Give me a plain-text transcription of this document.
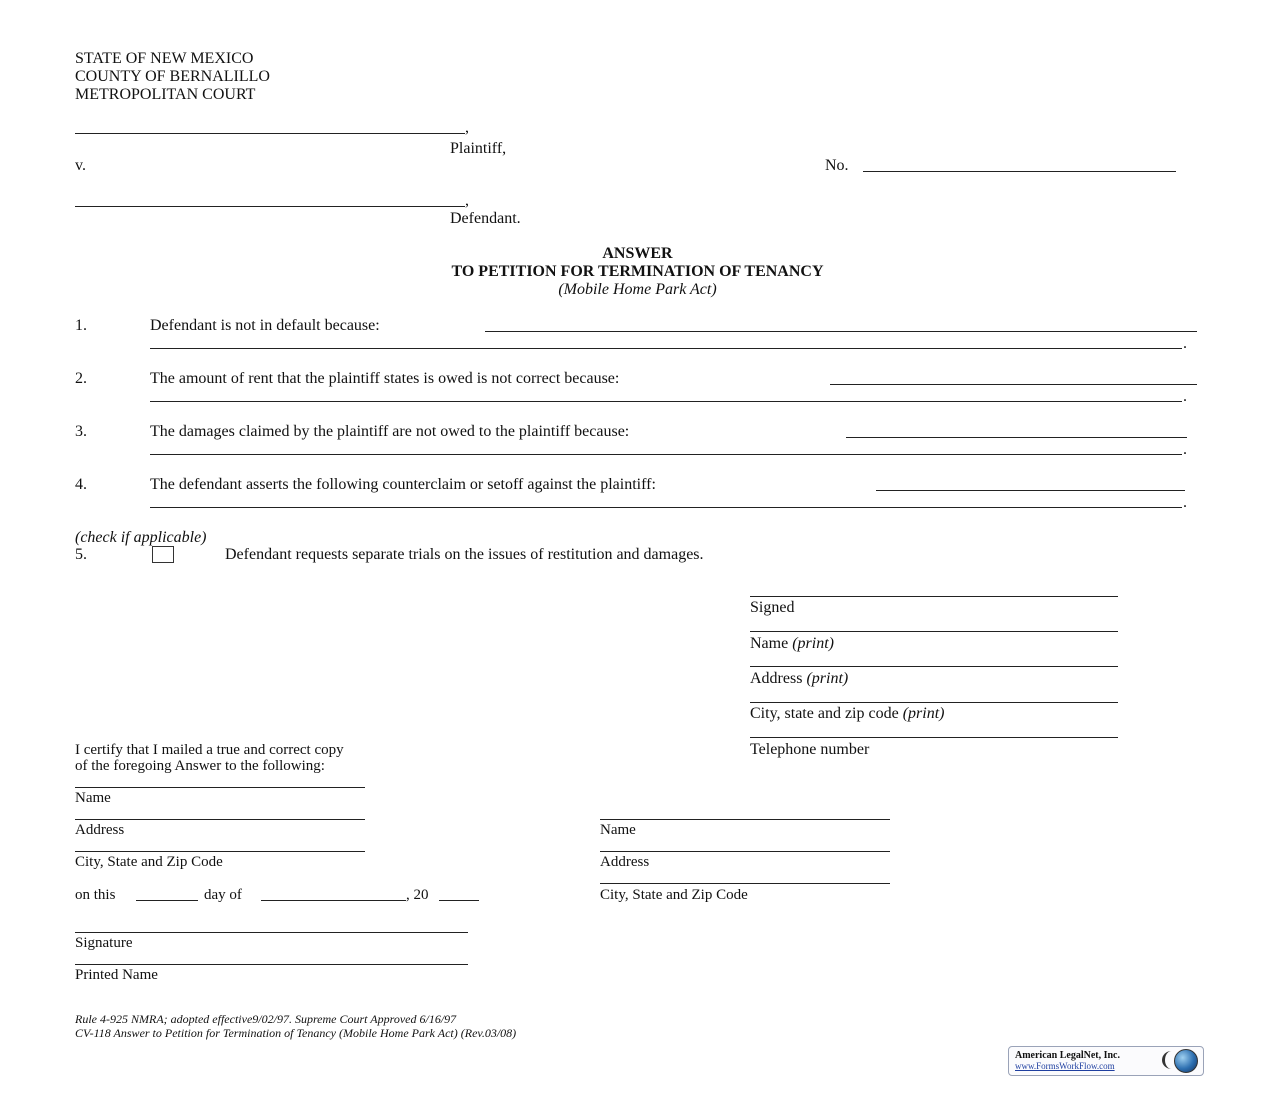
STATE OF NEW MEXICO
COUNTY OF BERNALILLO
METROPOLITAN COURT
,
Plaintiff,
v.	No.
,
Defendant.
ANSWER
TO PETITION FOR TERMINATION OF TENANCY
(Mobile Home Park Act)
1.	Defendant is not in default because:
.
2.	The amount of rent that the plaintiff states is owed is not correct because:
.
3.	The damages claimed by the plaintiff are not owed to the plaintiff because:
.
4.	The defendant asserts the following counterclaim or setoff against the plaintiff:
.
(check if applicable)
5.	Defendant requests separate trials on the issues of restitution and damages.
Signed
Name (print)
Address (print)
City, state and zip code (print)
Telephone number
I certify that I mailed a true and correct copy
of the foregoing Answer to the following:
Name
Address
City, State and Zip Code
Name
Address
City, State and Zip Code
on this	day of	, 20
Signature
Printed Name
Rule 4-925 NMRA; adopted effective9/02/97. Supreme Court Approved 6/16/97
CV-118 Answer to Petition for Termination of Tenancy (Mobile Home Park Act) (Rev.03/08)
American LegalNet, Inc.
www.FormsWorkFlow.com
